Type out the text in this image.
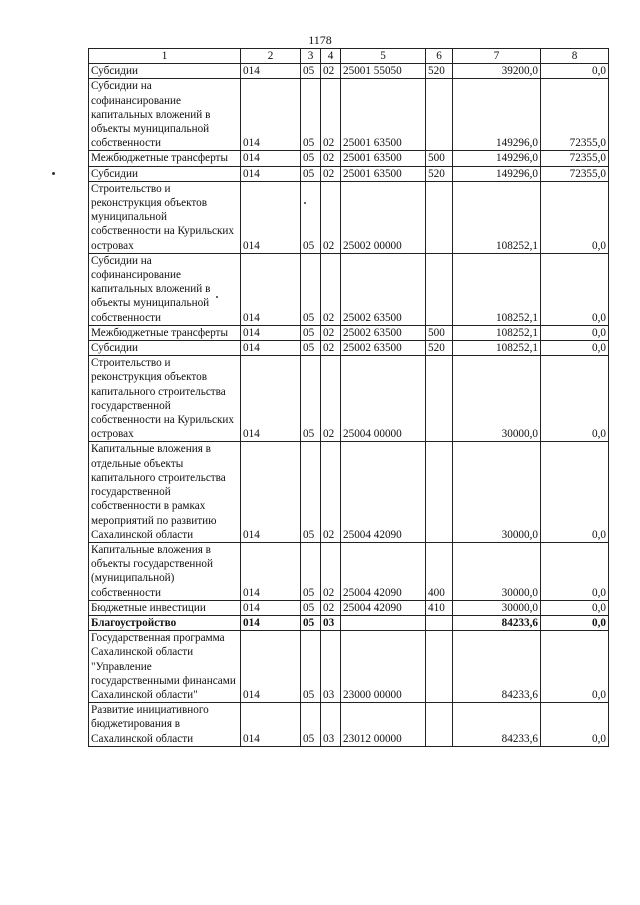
1178
1	2	3	4	5	6	7	8
Субсидии	014	05	02	25001 55050	520	39200,0	0,0
Субсидии на софинансирование капитальных вложений в объекты муниципальной собственности	014	05	02	25001 63500		149296,0	72355,0
Межбюджетные трансферты	014	05	02	25001 63500	500	149296,0	72355,0
Субсидии	014	05	02	25001 63500	520	149296,0	72355,0
Строительство и реконструкция объектов муниципальной собственности на Курильских островах	014	05	02	25002 00000		108252,1	0,0
Субсидии на софинансирование капитальных вложений в объекты муниципальной собственности	014	05	02	25002 63500		108252,1	0,0
Межбюджетные трансферты	014	05	02	25002 63500	500	108252,1	0,0
Субсидии	014	05	02	25002 63500	520	108252,1	0,0
Строительство и реконструкция объектов капитального строительства государственной собственности на Курильских островах	014	05	02	25004 00000		30000,0	0,0
Капитальные вложения в отдельные объекты капитального строительства государственной собственности в рамках мероприятий по развитию Сахалинской области	014	05	02	25004 42090		30000,0	0,0
Капитальные вложения в объекты государственной (муниципальной) собственности	014	05	02	25004 42090	400	30000,0	0,0
Бюджетные инвестиции	014	05	02	25004 42090	410	30000,0	0,0
Благоустройство	014	05	03			84233,6	0,0
Государственная программа Сахалинской области "Управление государственными финансами Сахалинской области"	014	05	03	23000 00000		84233,6	0,0
Развитие инициативного бюджетирования в Сахалинской области	014	05	03	23012 00000		84233,6	0,0
